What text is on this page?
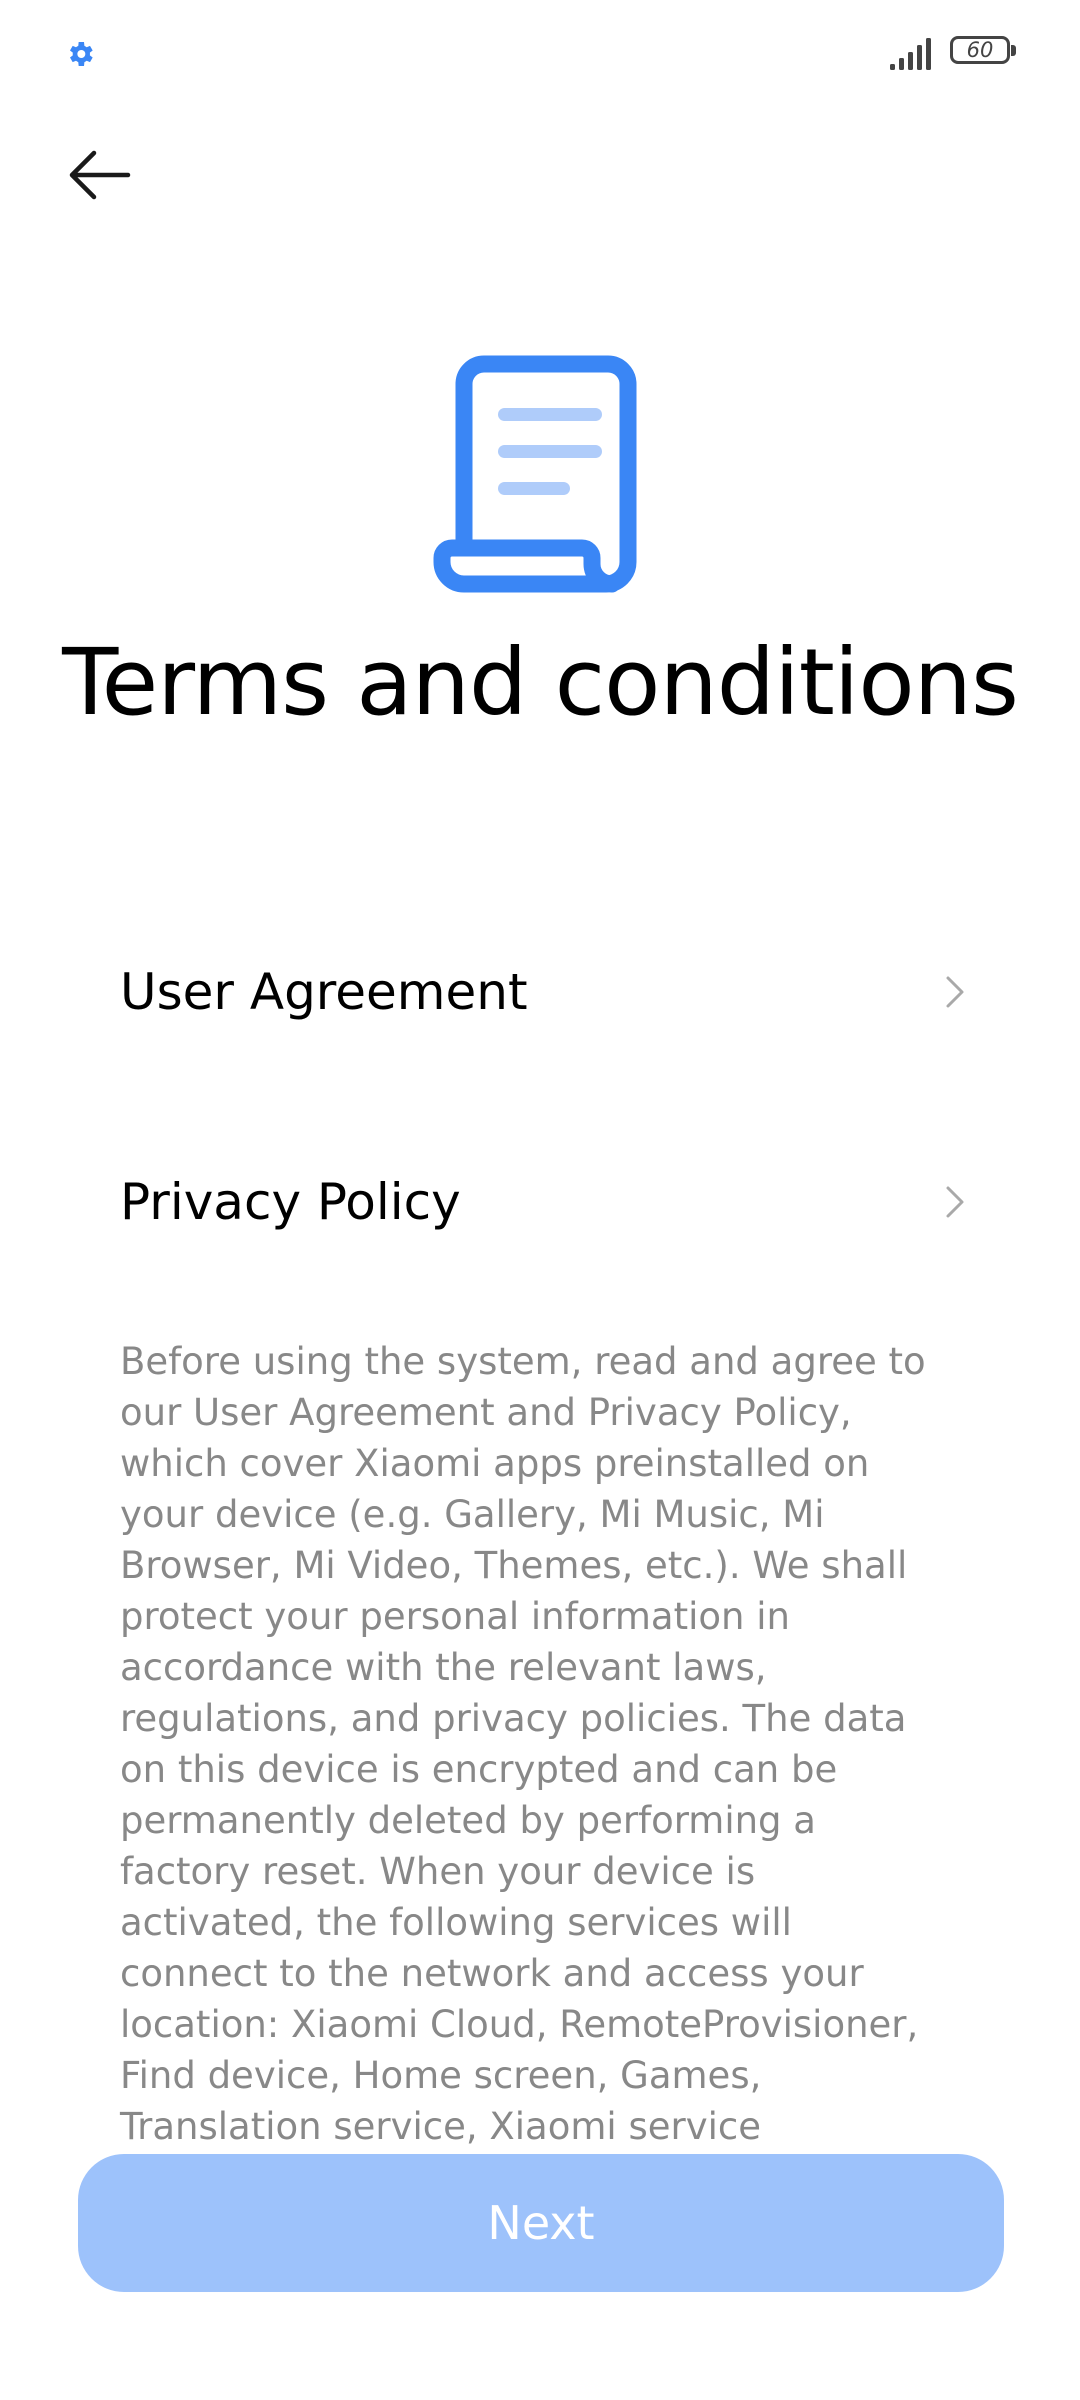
60
Terms and conditions
User Agreement
Privacy Policy

Before using the system, read and agree to our User Agreement and Privacy Policy, which cover Xiaomi apps preinstalled on your device (e.g. Gallery, Mi Music, Mi Browser, Mi Video, Themes, etc.). We shall protect your personal information in accordance with the relevant laws, regulations, and privacy policies. The data on this device is encrypted and can be permanently deleted by performing a factory reset. When your device is activated, the following services will connect to the network and access your location: Xiaomi Cloud, RemoteProvisioner, Find device, Home screen, Games, Translation service, Xiaomi service

Next
